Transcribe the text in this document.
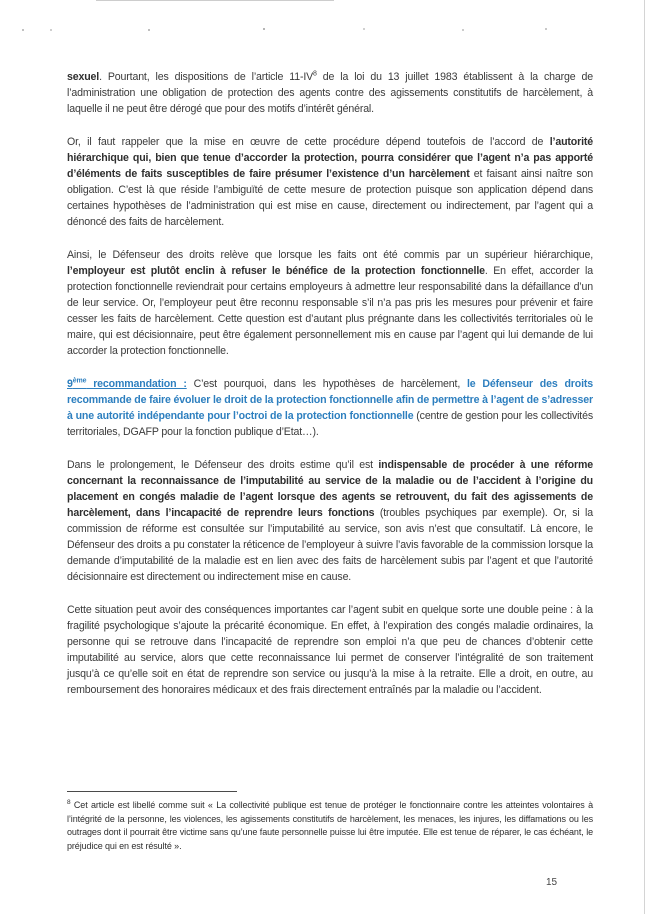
sexuel. Pourtant, les dispositions de l’article $11-IV^8$ de la loi du 13 juillet 1983 établissent à la charge de l’administration une obligation de protection des agents contre des agissements constitutifs de harcèlement, à laquelle il ne peut être dérogé que pour des motifs d’intérêt général.

Or, il faut rappeler que la mise en œuvre de cette procédure dépend toutefois de l’accord de l’autorité hiérarchique qui, bien que tenue d’accorder la protection, pourra considérer que l’agent n’a pas apporté d’éléments de faits susceptibles de faire présumer l’existence d’un harcèlement et faisant ainsi naître son obligation. C’est là que réside l’ambiguïté de cette mesure de protection puisque son application dépend dans certaines hypothèses de l’administration qui est mise en cause, directement ou indirectement, par l’agent qui a dénoncé des faits de harcèlement.

Ainsi, le Défenseur des droits relève que lorsque les faits ont été commis par un supérieur hiérarchique, l’employeur est plutôt enclin à refuser le bénéfice de la protection fonctionnelle. En effet, accorder la protection fonctionnelle reviendrait pour certains employeurs à admettre leur responsabilité dans la défaillance d’un de leur service. Or, l’employeur peut être reconnu responsable s’il n’a pas pris les mesures pour prévenir et faire cesser les faits de harcèlement. Cette question est d’autant plus prégnante dans les collectivités territoriales où le maire, qui est décisionnaire, peut être également personnellement mis en cause par l’agent qui lui demande de lui accorder la protection fonctionnelle.

9ème recommandation : C’est pourquoi, dans les hypothèses de harcèlement, le Défenseur des droits recommande de faire évoluer le droit de la protection fonctionnelle afin de permettre à l’agent de s’adresser à une autorité indépendante pour l’octroi de la protection fonctionnelle (centre de gestion pour les collectivités territoriales, DGAFP pour la fonction publique d’Etat…).

Dans le prolongement, le Défenseur des droits estime qu’il est indispensable de procéder à une réforme concernant la reconnaissance de l’imputabilité au service de la maladie ou de l’accident à l’origine du placement en congés maladie de l’agent lorsque des agents se retrouvent, du fait des agissements de harcèlement, dans l’incapacité de reprendre leurs fonctions (troubles psychiques par exemple). Or, si la commission de réforme est consultée sur l’imputabilité au service, son avis n’est que consultatif. Là encore, le Défenseur des droits a pu constater la réticence de l’employeur à suivre l’avis favorable de la commission lorsque la demande d’imputabilité de la maladie est en lien avec des faits de harcèlement subis par l’agent et que l’autorité décisionnaire est directement ou indirectement mise en cause.

Cette situation peut avoir des conséquences importantes car l’agent subit en quelque sorte une double peine : à la fragilité psychologique s’ajoute la précarité économique. En effet, à l’expiration des congés maladie ordinaires, la personne qui se retrouve dans l’incapacité de reprendre son emploi n’a que peu de chances d’obtenir cette imputabilité au service, alors que cette reconnaissance lui permet de conserver l’intégralité de son traitement jusqu’à ce qu’elle soit en état de reprendre son service ou jusqu’à la mise à la retraite. Elle a droit, en outre, au remboursement des honoraires médicaux et des frais directement entraînés par la maladie ou l’accident.

$^8$ Cet article est libellé comme suit « La collectivité publique est tenue de protéger le fonctionnaire contre les atteintes volontaires à l’intégrité de la personne, les violences, les agissements constitutifs de harcèlement, les menaces, les injures, les diffamations ou les outrages dont il pourrait être victime sans qu’une faute personnelle puisse lui être imputée. Elle est tenue de réparer, le cas échéant, le préjudice qui en est résulté ».
15
